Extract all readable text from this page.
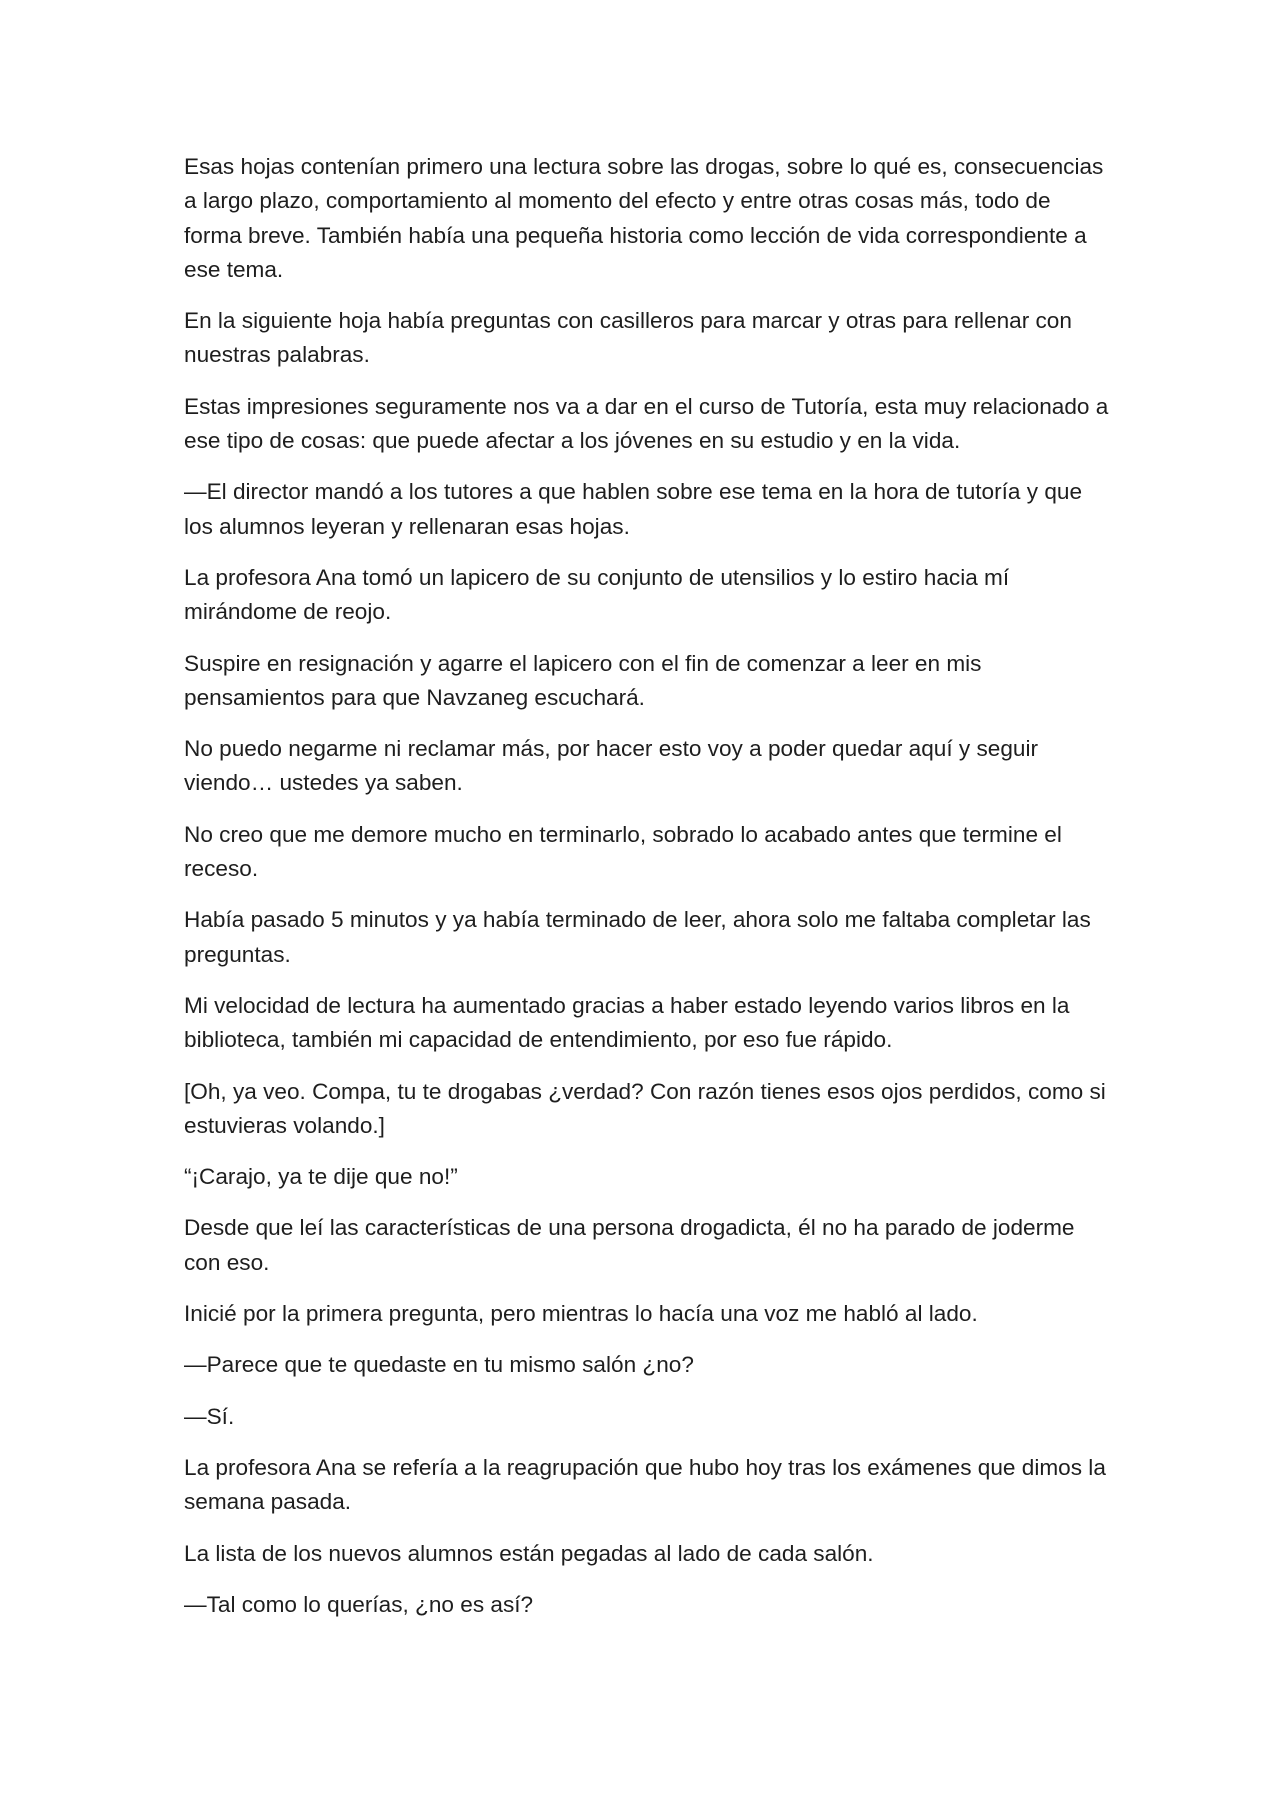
Esas hojas contenían primero una lectura sobre las drogas, sobre lo qué es, consecuencias a largo plazo, comportamiento al momento del efecto y entre otras cosas más, todo de forma breve. También había una pequeña historia como lección de vida correspondiente a ese tema.

En la siguiente hoja había preguntas con casilleros para marcar y otras para rellenar con nuestras palabras.

Estas impresiones seguramente nos va a dar en el curso de Tutoría, esta muy relacionado a ese tipo de cosas: que puede afectar a los jóvenes en su estudio y en la vida.

—El director mandó a los tutores a que hablen sobre ese tema en la hora de tutoría y que los alumnos leyeran y rellenaran esas hojas.

La profesora Ana tomó un lapicero de su conjunto de utensilios y lo estiro hacia mí mirándome de reojo.

Suspire en resignación y agarre el lapicero con el fin de comenzar a leer en mis pensamientos para que Navzaneg escuchará.

No puedo negarme ni reclamar más, por hacer esto voy a poder quedar aquí y seguir viendo… ustedes ya saben.

No creo que me demore mucho en terminarlo, sobrado lo acabado antes que termine el receso.

Había pasado 5 minutos y ya había terminado de leer, ahora solo me faltaba completar las preguntas.

Mi velocidad de lectura ha aumentado gracias a haber estado leyendo varios libros en la biblioteca, también mi capacidad de entendimiento, por eso fue rápido.

[Oh, ya veo. Compa, tu te drogabas ¿verdad? Con razón tienes esos ojos perdidos, como si estuvieras volando.]

“¡Carajo, ya te dije que no!”

Desde que leí las características de una persona drogadicta, él no ha parado de joderme con eso.

Inicié por la primera pregunta, pero mientras lo hacía una voz me habló al lado.

—Parece que te quedaste en tu mismo salón ¿no?

—Sí.

La profesora Ana se refería a la reagrupación que hubo hoy tras los exámenes que dimos la semana pasada.

La lista de los nuevos alumnos están pegadas al lado de cada salón.

—Tal como lo querías, ¿no es así?
